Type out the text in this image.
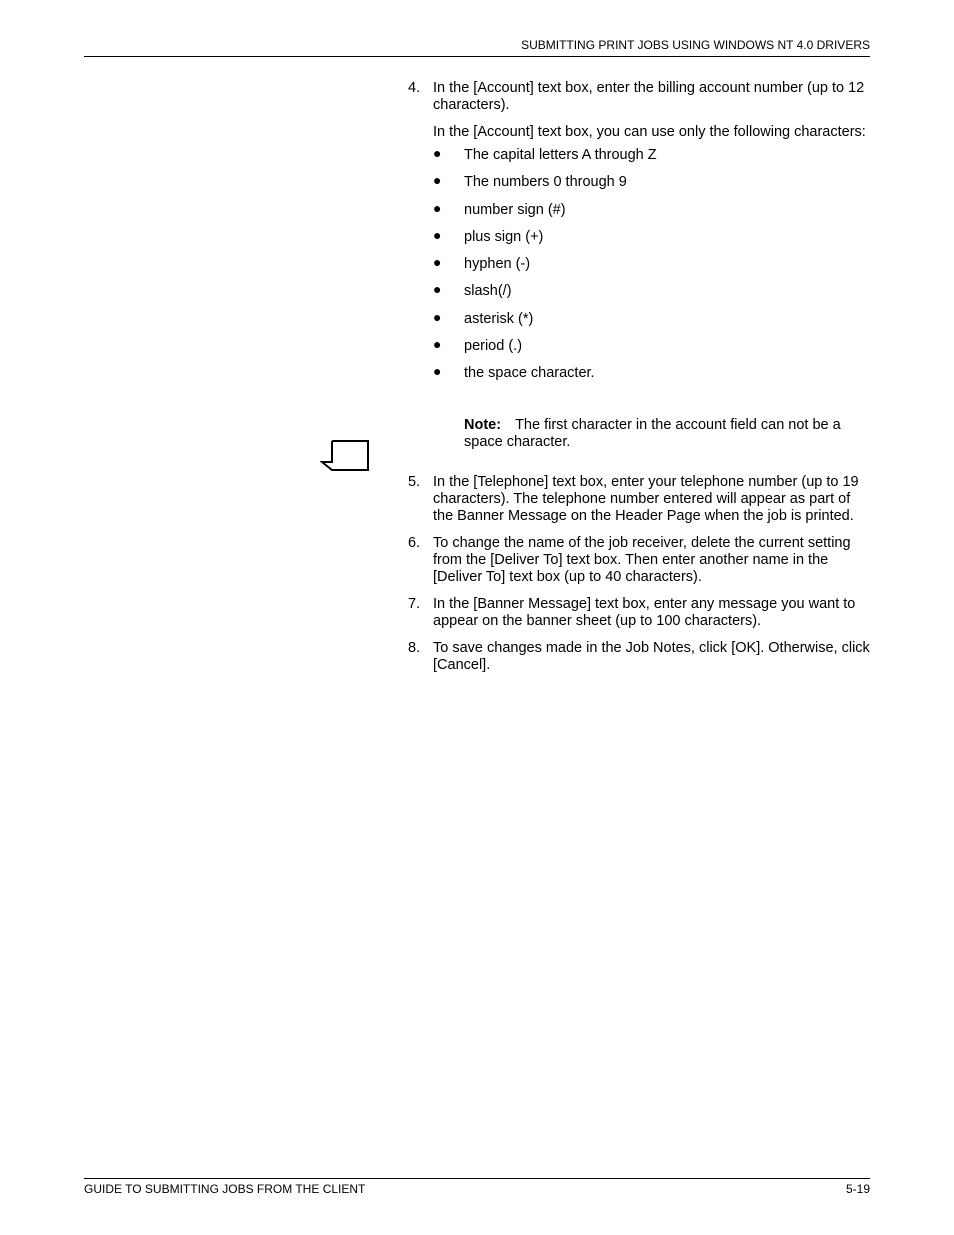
SUBMITTING PRINT JOBS USING WINDOWS NT 4.0 DRIVERS
4. In the [Account] text box, enter the billing account number (up to 12 characters).
In the [Account] text box, you can use only the following characters:
● The capital letters A through Z
● The numbers 0 through 9
● number sign (#)
● plus sign (+)
● hyphen (-)
● slash(/)
● asterisk (*)
● period (.)
● the space character.
Note: The first character in the account field can not be a space character.
5. In the [Telephone] text box, enter your telephone number (up to 19 characters). The telephone number entered will appear as part of the Banner Message on the Header Page when the job is printed.
6. To change the name of the job receiver, delete the current setting from the [Deliver To] text box. Then enter another name in the [Deliver To] text box (up to 40 characters).
7. In the [Banner Message] text box, enter any message you want to appear on the banner sheet (up to 100 characters).
8. To save changes made in the Job Notes, click [OK]. Otherwise, click [Cancel].
GUIDE TO SUBMITTING JOBS FROM THE CLIENT	5-19
